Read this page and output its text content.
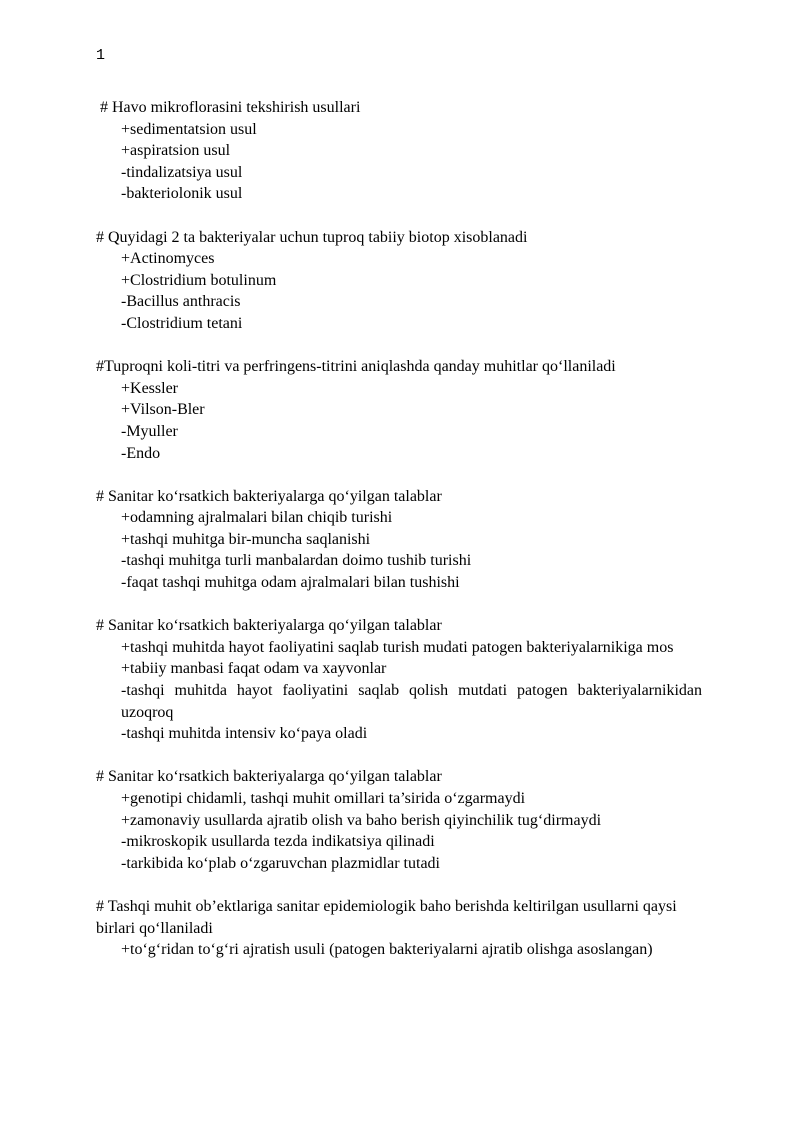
1

# Havo mikroflorasini tekshirish usullari

+sedimentatsion usul

+aspiratsion usul

-tindalizatsiya usul

-bakteriolonik usul

# Quyidagi 2 ta bakteriyalar uchun tuproq tabiiy biotop xisoblanadi

+Actinomyces

+Clostridium botulinum

-Bacillus anthracis

-Clostridium tetani

#Tuproqni koli-titri va perfringens-titrini aniqlashda qanday muhitlar qo‘llaniladi

+Kessler

+Vilson-Bler

-Myuller

-Endo

# Sanitar ko‘rsatkich bakteriyalarga qo‘yilgan talablar

+odamning ajralmalari bilan chiqib turishi

+tashqi muhitga bir-muncha saqlanishi

-tashqi muhitga turli manbalardan doimo tushib turishi

-faqat tashqi muhitga odam ajralmalari bilan tushishi

# Sanitar ko‘rsatkich bakteriyalarga qo‘yilgan talablar

+tashqi muhitda hayot faoliyatini saqlab turish mudati patogen bakteriyalarnikiga mos

+tabiiy manbasi faqat odam va xayvonlar

-tashqi muhitda hayot faoliyatini saqlab qolish mutdati patogen bakteriyalarnikidan uzoqroq

-tashqi muhitda intensiv ko‘paya oladi

# Sanitar ko‘rsatkich bakteriyalarga qo‘yilgan talablar

+genotipi chidamli, tashqi muhit omillari ta’sirida o‘zgarmaydi

+zamonaviy usullarda ajratib olish va baho berish qiyinchilik tug‘dirmaydi

-mikroskopik usullarda tezda indikatsiya qilinadi

-tarkibida ko‘plab o‘zgaruvchan plazmidlar tutadi

# Tashqi muhit ob’ektlariga sanitar epidemiologik baho berishda keltirilgan usullarni qaysi birlari qo‘llaniladi

+to‘g‘ridan to‘g‘ri ajratish usuli (patogen bakteriyalarni ajratib olishga asoslangan)
